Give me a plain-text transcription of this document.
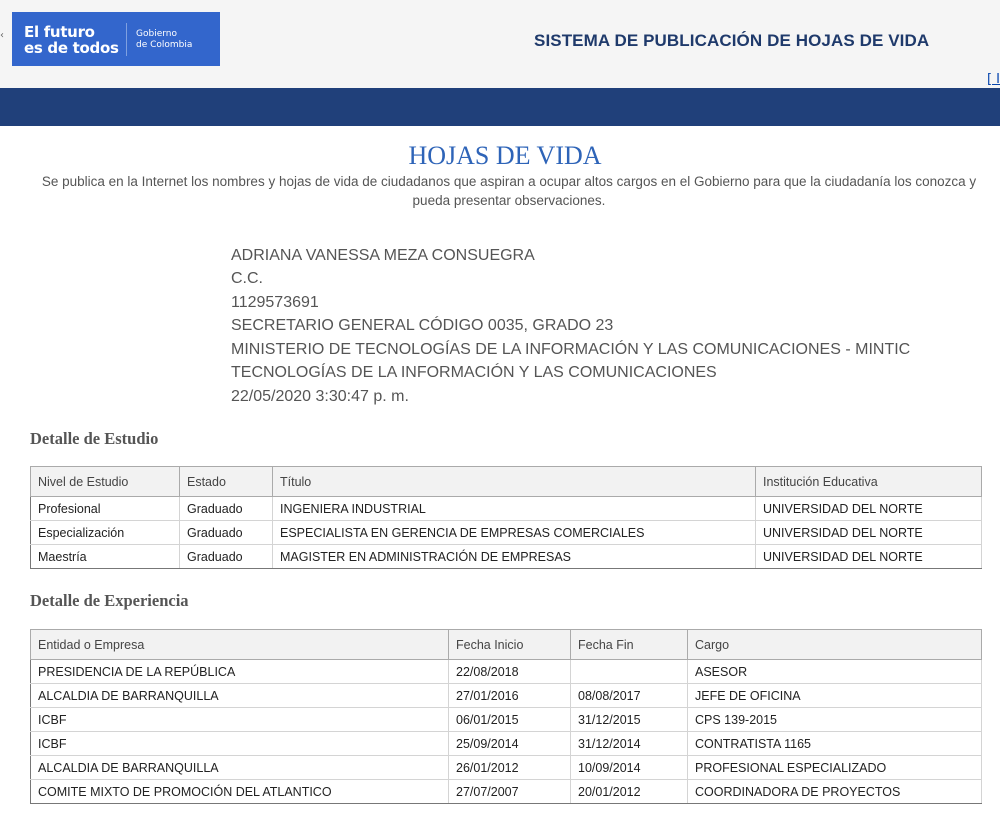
‹ El futuro
es de todos
Gobierno
de Colombia	SISTEMA DE PUBLICACIÓN DE HOJAS DE VIDA
[ I
HOJAS DE VIDA
Se publica en la Internet los nombres y hojas de vida de ciudadanos que aspiran a ocupar altos cargos en el Gobierno para que la ciudadanía los conozca y pueda presentar observaciones.
ADRIANA VANESSA MEZA CONSUEGRA
C.C.
1129573691
SECRETARIO GENERAL CÓDIGO 0035, GRADO 23
MINISTERIO DE TECNOLOGÍAS DE LA INFORMACIÓN Y LAS COMUNICACIONES - MINTIC
TECNOLOGÍAS DE LA INFORMACIÓN Y LAS COMUNICACIONES
22/05/2020 3:30:47 p. m.
Detalle de Estudio
Nivel de Estudio	Estado	Título	Institución Educativa
Profesional	Graduado	INGENIERA INDUSTRIAL	UNIVERSIDAD DEL NORTE
Especialización	Graduado	ESPECIALISTA EN GERENCIA DE EMPRESAS COMERCIALES	UNIVERSIDAD DEL NORTE
Maestría	Graduado	MAGISTER EN ADMINISTRACIÓN DE EMPRESAS	UNIVERSIDAD DEL NORTE
Detalle de Experiencia
Entidad o Empresa	Fecha Inicio	Fecha Fin	Cargo
PRESIDENCIA DE LA REPÚBLICA	22/08/2018		ASESOR
ALCALDIA DE BARRANQUILLA	27/01/2016	08/08/2017	JEFE DE OFICINA
ICBF	06/01/2015	31/12/2015	CPS 139-2015
ICBF	25/09/2014	31/12/2014	CONTRATISTA 1165
ALCALDIA DE BARRANQUILLA	26/01/2012	10/09/2014	PROFESIONAL ESPECIALIZADO
COMITE MIXTO DE PROMOCIÓN DEL ATLANTICO	27/07/2007	20/01/2012	COORDINADORA DE PROYECTOS
